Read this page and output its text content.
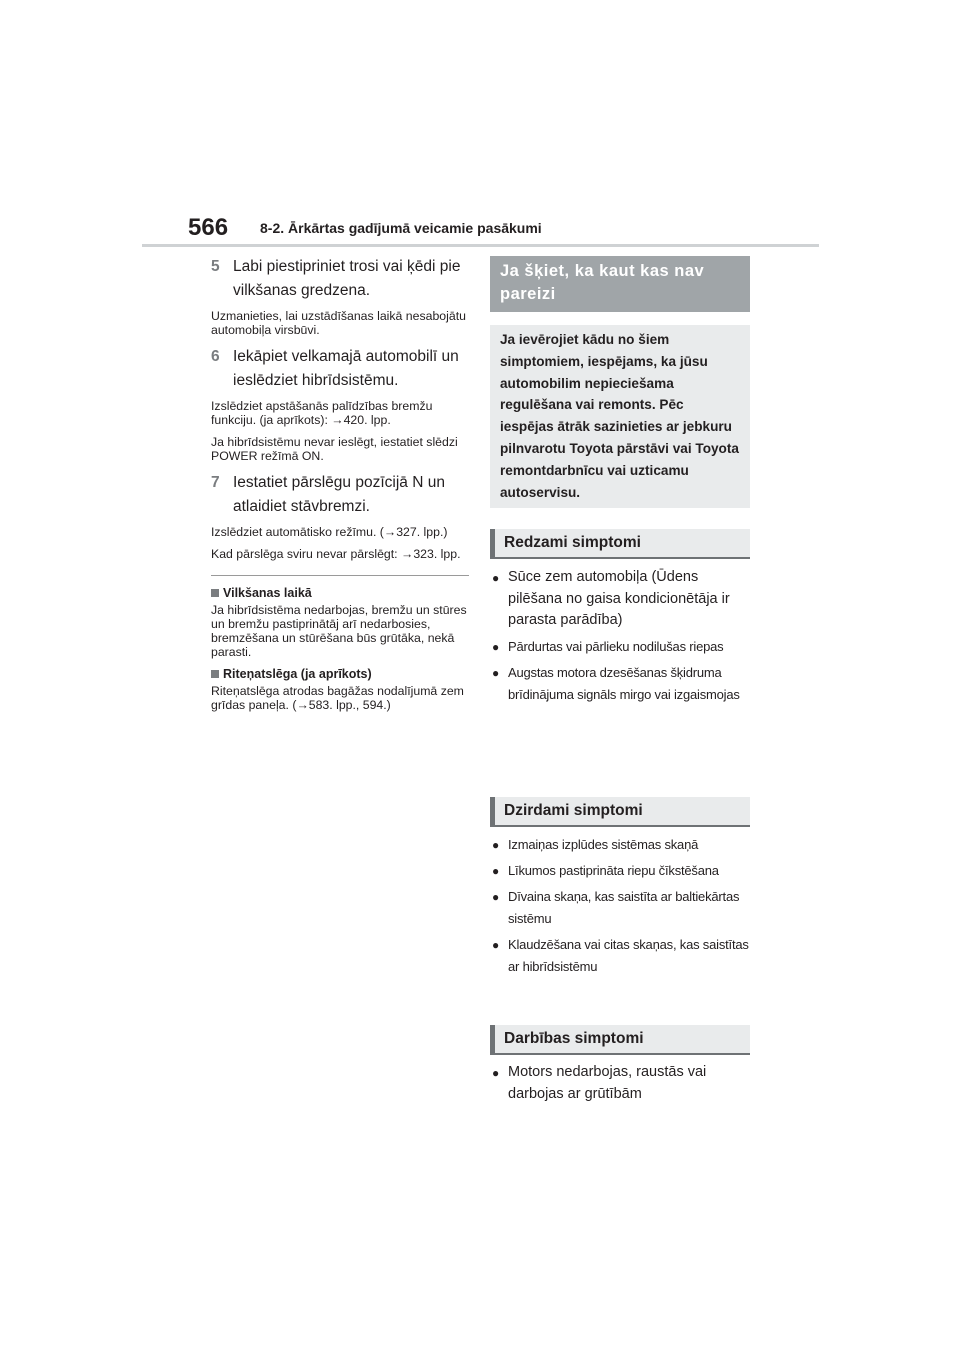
566 8-2. Ārkārtas gadījumā veicamie pasākumi
5 Labi piestipriniet trosi vai ķēdi pie vilkšanas gredzena.

Uzmanieties, lai uzstādīšanas laikā nesabojātu automobiļa virsbūvi.

6 Iekāpiet velkamajā automobilī un ieslēdziet hibrīdsistēmu.

Izslēdziet apstāšanās palīdzības bremžu funkciju. (ja aprīkots): →420. lpp.

Ja hibrīdsistēmu nevar ieslēgt, iestatiet slēdzi POWER režīmā ON.

7 Iestatiet pārslēgu pozīcijā N un atlaidiet stāvbremzi.

Izslēdziet automātisko režīmu. (→327. lpp.)

Kad pārslēga sviru nevar pārslēgt: →323. lpp.

Vilkšanas laikā

Ja hibrīdsistēma nedarbojas, bremžu un stūres un bremžu pastiprinātāj arī nedarbosies, bremzēšana un stūrēšana būs grūtāka, nekā parasti.

Riteņatslēga (ja aprīkots)

Riteņatslēga atrodas bagāžas nodalījumā zem grīdas paneļa. (→583. lpp., 594.)

Ja šķiet, ka kaut kas nav pareizi
Ja ievērojiet kādu no šiem simptomiem, iespējams, ka jūsu automobilim nepieciešama regulēšana vai remonts. Pēc iespējas ātrāk sazinieties ar jebkuru pilnvarotu Toyota pārstāvi vai Toyota remontdarbnīcu vai uzticamu autoservisu.
Redzami simptomi
● Sūce zem automobiļa (Ūdens pilēšana no gaisa kondicionētāja ir parasta parādība)
● Pārdurtas vai pārlieku nodilušas riepas
● Augstas motora dzesēšanas šķidruma brīdinājuma signāls mirgo vai izgaismojas
Dzirdami simptomi
● Izmaiņas izplūdes sistēmas skaņā
● Līkumos pastiprināta riepu čīkstēšana
● Dīvaina skaņa, kas saistīta ar baltiekārtas sistēmu
● Klaudzēšana vai citas skaņas, kas saistītas ar hibrīdsistēmu
Darbības simptomi
● Motors nedarbojas, raustās vai darbojas ar grūtībām
